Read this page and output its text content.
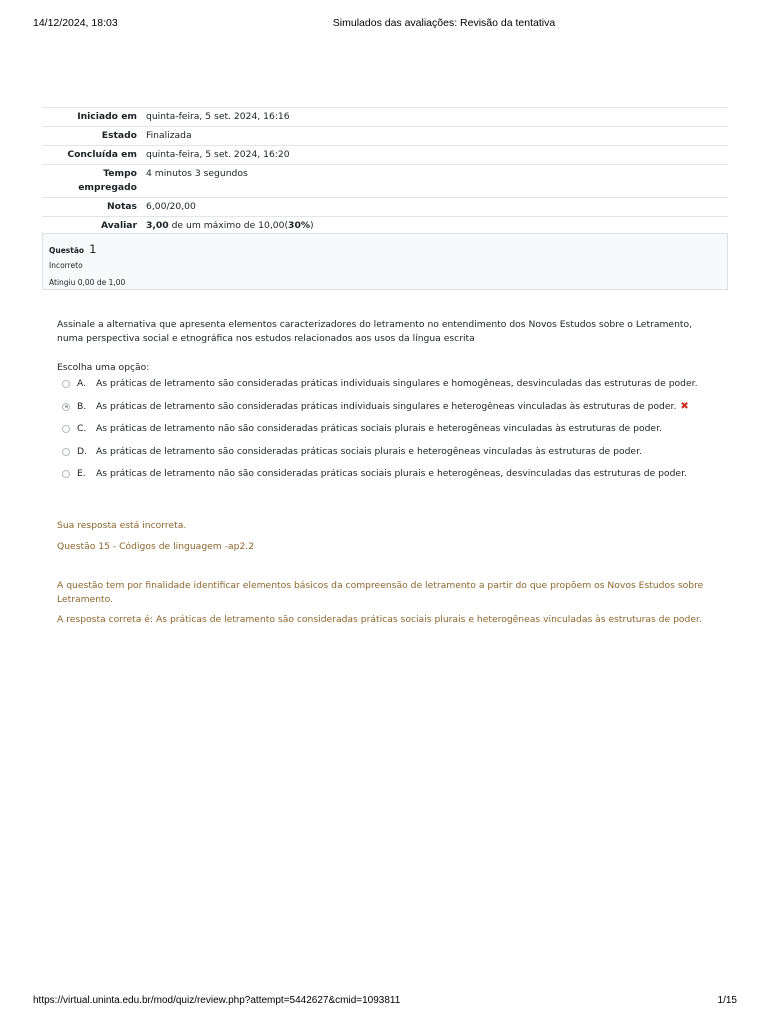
14/12/2024, 18:03	Simulados das avaliações: Revisão da tentativa
Iniciado em	quinta-feira, 5 set. 2024, 16:16
Estado	Finalizada
Concluída em	quinta-feira, 5 set. 2024, 16:20
Tempo empregado	4 minutos 3 segundos
Notas	6,00/20,00
Avaliar	3,00 de um máximo de 10,00(30%)
Questão 1
Incorreto
Atingiu 0,00 de 1,00
Assinale a alternativa que apresenta elementos caracterizadores do letramento no entendimento dos Novos Estudos sobre o Letramento, numa perspectiva social e etnográfica nos estudos relacionados aos usos da língua escrita
Escolha uma opção:
A.	As práticas de letramento são consideradas práticas individuais singulares e homogêneas, desvinculadas das estruturas de poder.
B.	As práticas de letramento são consideradas práticas individuais singulares e heterogêneas vinculadas às estruturas de poder. ✖
C.	As práticas de letramento não são consideradas práticas sociais plurais e heterogêneas vinculadas às estruturas de poder.
D. As práticas de letramento são consideradas práticas sociais plurais e heterogêneas vinculadas às estruturas de poder.
E.	As práticas de letramento não são consideradas práticas sociais plurais e heterogêneas, desvinculadas das estruturas de poder.
Sua resposta está incorreta.
Questão 15 - Códigos de linguagem -ap2.2
A questão tem por finalidade identificar elementos básicos da compreensão de letramento a partir do que propõem os Novos Estudos sobre Letramento.
A resposta correta é: As práticas de letramento são consideradas práticas sociais plurais e heterogêneas vinculadas às estruturas de poder.
https://virtual.uninta.edu.br/mod/quiz/review.php?attempt=5442627&cmid=1093811	1/15
